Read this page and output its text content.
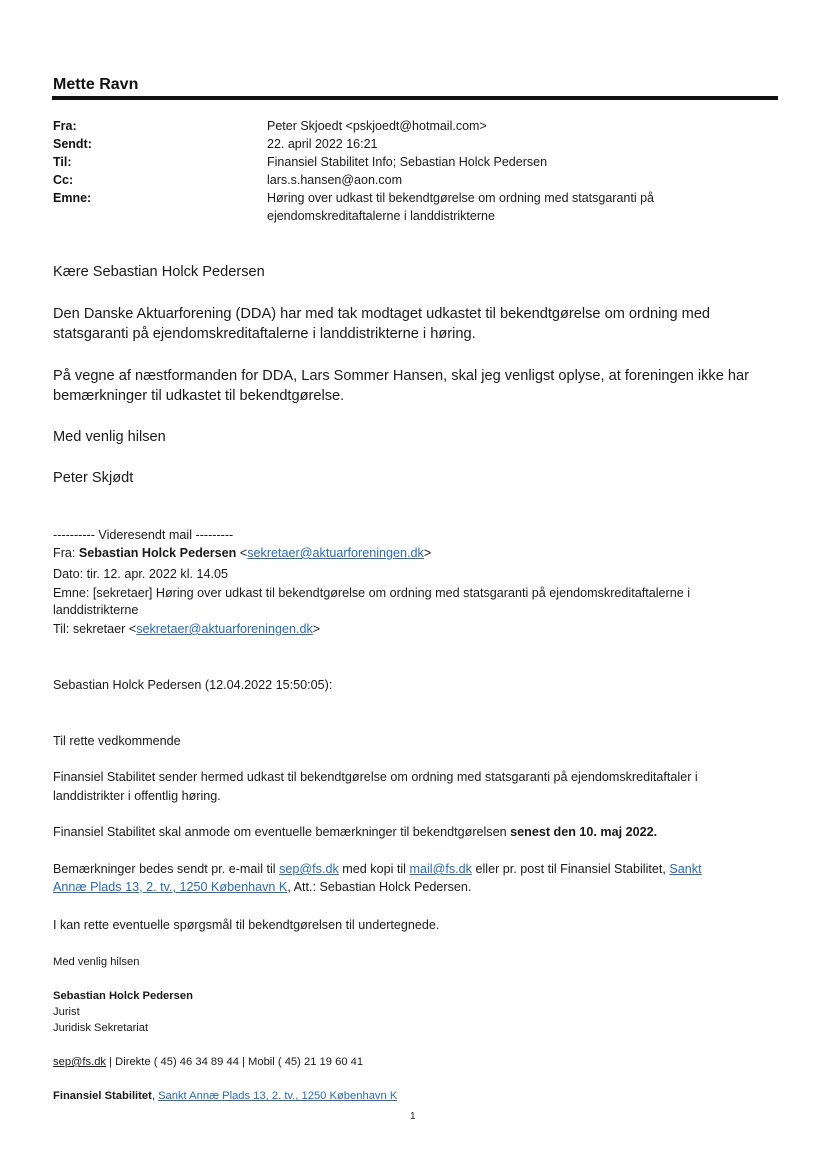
Mette Ravn
Fra:	Peter Skjoedt <pskjoedt@hotmail.com>
Sendt:	22. april 2022 16:21
Til:	Finansiel Stabilitet Info; Sebastian Holck Pedersen
Cc:	lars.s.hansen@aon.com
Emne:	Høring over udkast til bekendtgørelse om ordning med statsgaranti på
ejendomskreditaftalerne i landdistrikterne
Kære Sebastian Holck Pedersen
Den Danske Aktuarforening (DDA) har med tak modtaget udkastet til bekendtgørelse om ordning med
statsgaranti på ejendomskreditaftalerne i landdistrikterne i høring.
På vegne af næstformanden for DDA, Lars Sommer Hansen, skal jeg venligst oplyse, at foreningen ikke har
bemærkninger til udkastet til bekendtgørelse.
Med venlig hilsen
Peter Skjødt
---------- Videresendt mail ---------
Fra: Sebastian Holck Pedersen <sekretaer@aktuarforeningen.dk>
Dato: tir. 12. apr. 2022 kl. 14.05
Emne: [sekretaer] Høring over udkast til bekendtgørelse om ordning med statsgaranti på ejendomskreditaftalerne i
landdistrikterne
Til: sekretaer <sekretaer@aktuarforeningen.dk>
Sebastian Holck Pedersen (12.04.2022 15:50:05):
Til rette vedkommende
Finansiel Stabilitet sender hermed udkast til bekendtgørelse om ordning med statsgaranti på ejendomskreditaftaler i
landdistrikter i offentlig høring.
Finansiel Stabilitet skal anmode om eventuelle bemærkninger til bekendtgørelsen senest den 10. maj 2022.
Bemærkninger bedes sendt pr. e-mail til sep@fs.dk med kopi til mail@fs.dk eller pr. post til Finansiel Stabilitet, Sankt
Annæ Plads 13, 2. tv., 1250 København K, Att.: Sebastian Holck Pedersen.
I kan rette eventuelle spørgsmål til bekendtgørelsen til undertegnede.
Med venlig hilsen
Sebastian Holck Pedersen
Jurist
Juridisk Sekretariat
sep@fs.dk | Direkte ( 45) 46 34 89 44 | Mobil ( 45) 21 19 60 41
Finansiel Stabilitet, Sankt Annæ Plads 13, 2. tv., 1250 København K
1
